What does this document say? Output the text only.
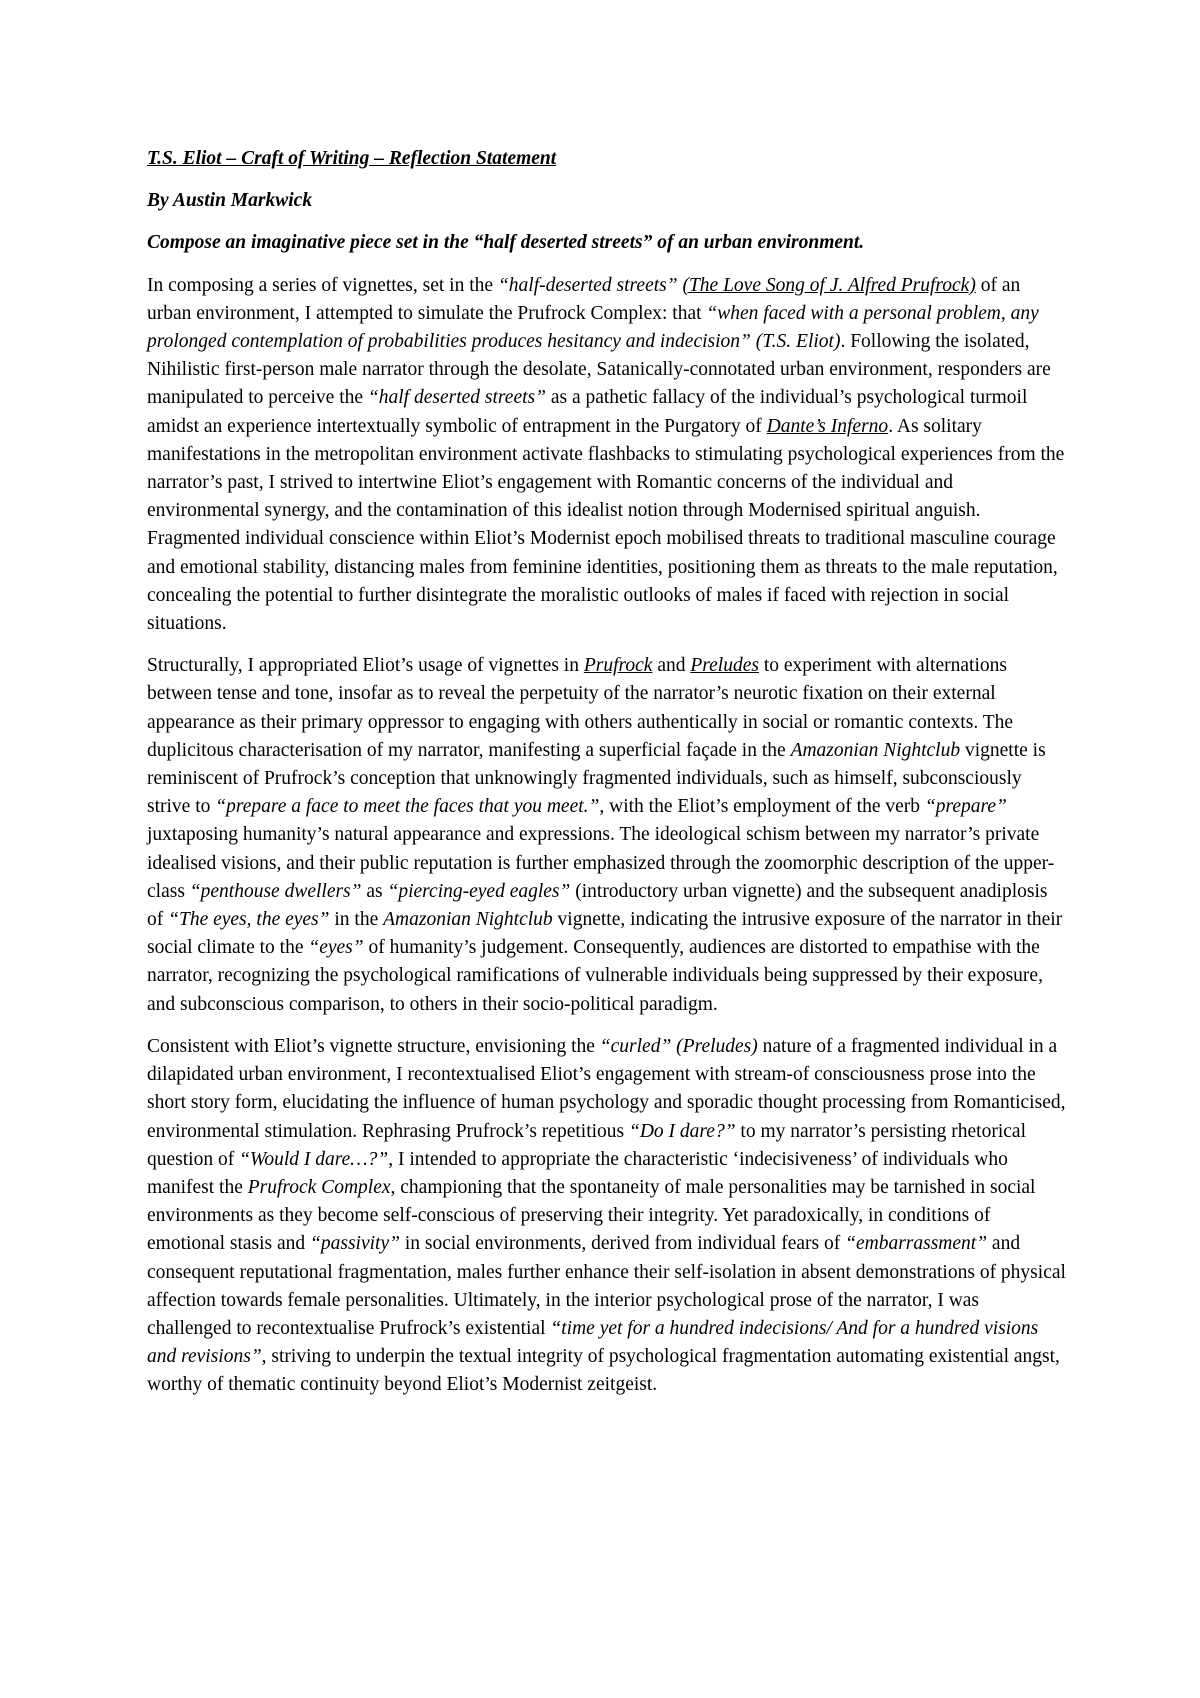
T.S. Eliot – Craft of Writing – Reflection Statement

By Austin Markwick

Compose an imaginative piece set in the “half deserted streets” of an urban environment.

In composing a series of vignettes, set in the “half-deserted streets” (The Love Song of J. Alfred Prufrock) of an urban environment, I attempted to simulate the Prufrock Complex: that “when faced with a personal problem, any prolonged contemplation of probabilities produces hesitancy and indecision” (T.S. Eliot). Following the isolated, Nihilistic first-person male narrator through the desolate, Satanically-connotated urban environment, responders are manipulated to perceive the “half deserted streets” as a pathetic fallacy of the individual’s psychological turmoil amidst an experience intertextually symbolic of entrapment in the Purgatory of Dante’s Inferno. As solitary manifestations in the metropolitan environment activate flashbacks to stimulating psychological experiences from the narrator’s past, I strived to intertwine Eliot’s engagement with Romantic concerns of the individual and environmental synergy, and the contamination of this idealist notion through Modernised spiritual anguish. Fragmented individual conscience within Eliot’s Modernist epoch mobilised threats to traditional masculine courage and emotional stability, distancing males from feminine identities, positioning them as threats to the male reputation, concealing the potential to further disintegrate the moralistic outlooks of males if faced with rejection in social situations.

Structurally, I appropriated Eliot’s usage of vignettes in Prufrock and Preludes to experiment with alternations between tense and tone, insofar as to reveal the perpetuity of the narrator’s neurotic fixation on their external appearance as their primary oppressor to engaging with others authentically in social or romantic contexts. The duplicitous characterisation of my narrator, manifesting a superficial façade in the Amazonian Nightclub vignette is reminiscent of Prufrock’s conception that unknowingly fragmented individuals, such as himself, subconsciously strive to “prepare a face to meet the faces that you meet.”, with the Eliot’s employment of the verb “prepare” juxtaposing humanity’s natural appearance and expressions. The ideological schism between my narrator’s private idealised visions, and their public reputation is further emphasized through the zoomorphic description of the upper-class “penthouse dwellers” as “piercing-eyed eagles” (introductory urban vignette) and the subsequent anadiplosis of “The eyes, the eyes” in the Amazonian Nightclub vignette, indicating the intrusive exposure of the narrator in their social climate to the “eyes” of humanity’s judgement. Consequently, audiences are distorted to empathise with the narrator, recognizing the psychological ramifications of vulnerable individuals being suppressed by their exposure, and subconscious comparison, to others in their socio-political paradigm.

Consistent with Eliot’s vignette structure, envisioning the “curled” (Preludes) nature of a fragmented individual in a dilapidated urban environment, I recontextualised Eliot’s engagement with stream-of consciousness prose into the short story form, elucidating the influence of human psychology and sporadic thought processing from Romanticised, environmental stimulation. Rephrasing Prufrock’s repetitious “Do I dare?” to my narrator’s persisting rhetorical question of “Would I dare…?”, I intended to appropriate the characteristic ‘indecisiveness’ of individuals who manifest the Prufrock Complex, championing that the spontaneity of male personalities may be tarnished in social environments as they become self-conscious of preserving their integrity. Yet paradoxically, in conditions of emotional stasis and “passivity” in social environments, derived from individual fears of “embarrassment” and consequent reputational fragmentation, males further enhance their self-isolation in absent demonstrations of physical affection towards female personalities. Ultimately, in the interior psychological prose of the narrator, I was challenged to recontextualise Prufrock’s existential “time yet for a hundred indecisions/ And for a hundred visions and revisions”, striving to underpin the textual integrity of psychological fragmentation automating existential angst, worthy of thematic continuity beyond Eliot’s Modernist zeitgeist.
